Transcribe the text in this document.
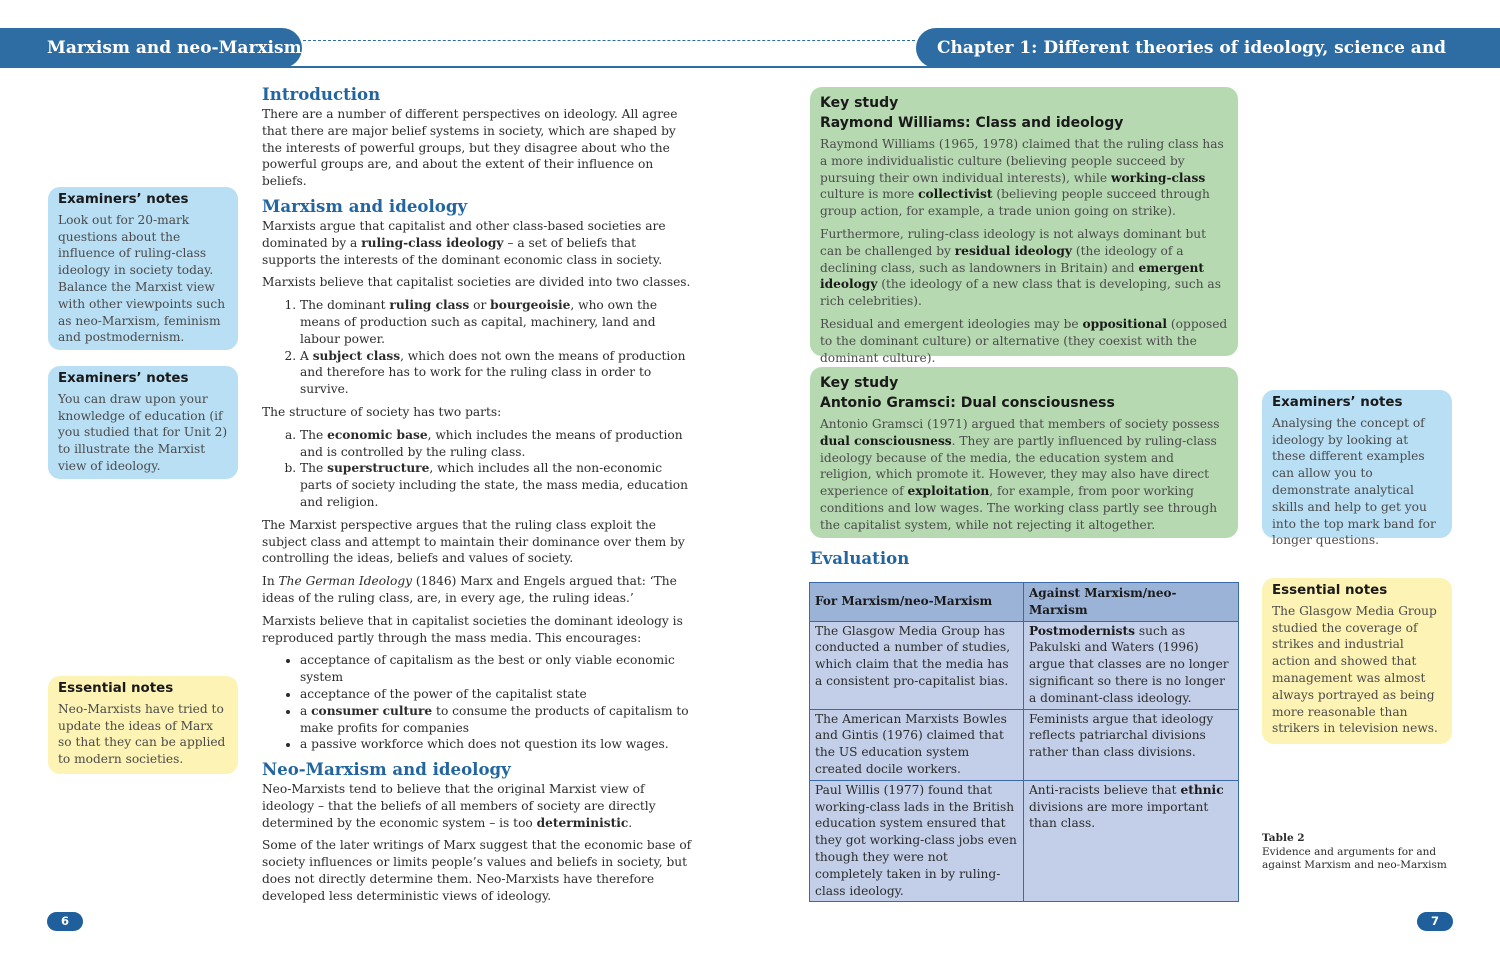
Marxism and neo-Marxism	Chapter 1: Different theories of ideology, science and
Examiners’ notes
Look out for 20-mark questions about the influence of ruling-class ideology in society today. Balance the Marxist view with other viewpoints such as neo-Marxism, feminism and postmodernism.
Examiners’ notes
You can draw upon your knowledge of education (if you studied that for Unit 2) to illustrate the Marxist view of ideology.
Essential notes
Neo-Marxists have tried to update the ideas of Marx so that they can be applied to modern societies.
Introduction

There are a number of different perspectives on ideology. All agree that there are major belief systems in society, which are shaped by the interests of powerful groups, but they disagree about who the powerful groups are, and about the extent of their influence on beliefs.

Marxism and ideology

Marxists argue that capitalist and other class-based societies are dominated by a ruling-class ideology – a set of beliefs that supports the interests of the dominant economic class in society.

Marxists believe that capitalist societies are divided into two classes.

1. The dominant ruling class or bourgeoisie, who own the means of production such as capital, machinery, land and labour power.
2. A subject class, which does not own the means of production and therefore has to work for the ruling class in order to survive.

The structure of society has two parts:

a. The economic base, which includes the means of production and is controlled by the ruling class.
b. The superstructure, which includes all the non-economic parts of society including the state, the mass media, education and religion.

The Marxist perspective argues that the ruling class exploit the subject class and attempt to maintain their dominance over them by controlling the ideas, beliefs and values of society.

In The German Ideology (1846) Marx and Engels argued that: ‘The ideas of the ruling class, are, in every age, the ruling ideas.’

Marxists believe that in capitalist societies the dominant ideology is reproduced partly through the mass media. This encourages:

• acceptance of capitalism as the best or only viable economic system
• acceptance of the power of the capitalist state
• a consumer culture to consume the products of capitalism to make profits for companies
• a passive workforce which does not question its low wages.
Neo-Marxism and ideology

Neo-Marxists tend to believe that the original Marxist view of ideology – that the beliefs of all members of society are directly determined by the economic system – is too deterministic.

Some of the later writings of Marx suggest that the economic base of society influences or limits people’s values and beliefs in society, but does not directly determine them. Neo-Marxists have therefore developed less deterministic views of ideology.

Key study
Raymond Williams: Class and ideology

Raymond Williams (1965, 1978) claimed that the ruling class has a more individualistic culture (believing people succeed by pursuing their own individual interests), while working-class culture is more collectivist (believing people succeed through group action, for example, a trade union going on strike).

Furthermore, ruling-class ideology is not always dominant but can be challenged by residual ideology (the ideology of a declining class, such as landowners in Britain) and emergent ideology (the ideology of a new class that is developing, such as rich celebrities).

Residual and emergent ideologies may be oppositional (opposed to the dominant culture) or alternative (they coexist with the dominant culture).

Key study
Antonio Gramsci: Dual consciousness

Antonio Gramsci (1971) argued that members of society possess dual consciousness. They are partly influenced by ruling-class ideology because of the media, the education system and religion, which promote it. However, they may also have direct experience of exploitation, for example, from poor working conditions and low wages. The working class partly see through the capitalist system, while not rejecting it altogether.

Evaluation
For Marxism/neo-Marxism	Against Marxism/neo-Marxism
The Glasgow Media Group has conducted a number of studies, which claim that the media has a consistent pro-capitalist bias.	Postmodernists such as Pakulski and Waters (1996) argue that classes are no longer significant so there is no longer a dominant-class ideology.
The American Marxists Bowles and Gintis (1976) claimed that the US education system created docile workers.	Feminists argue that ideology reflects patriarchal divisions rather than class divisions.
Paul Willis (1977) found that working-class lads in the British education system ensured that they got working-class jobs even though they were not completely taken in by ruling-class ideology.	Anti-racists believe that ethnic divisions are more important than class.
Examiners’ notes
Analysing the concept of ideology by looking at these different examples can allow you to demonstrate analytical skills and help to get you into the top mark band for longer questions.
Essential notes
The Glasgow Media Group studied the coverage of strikes and industrial action and showed that management was almost always portrayed as being more reasonable than strikers in television news.
Table 2
Evidence and arguments for and against Marxism and neo-Marxism
6	7
